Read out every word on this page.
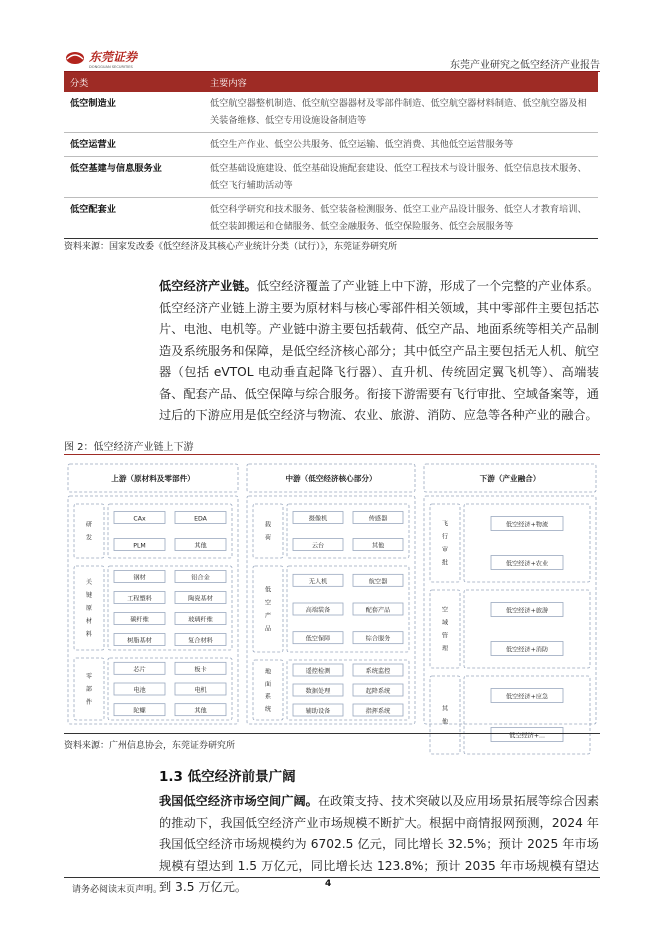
东莞证券
DONGGUAN SECURITIES	东莞产业研究之低空经济产业报告
分类	主要内容
低空制造业	低空航空器整机制造、低空航空器器材及零部件制造、低空航空器材料制造、低空航空器及相关装备维修、低空专用设施设备制造等
低空运营业	低空生产作业、低空公共服务、低空运输、低空消费、其他低空运营服务等
低空基建与信息服务业	低空基础设施建设、低空基础设施配套建设、低空工程技术与设计服务、低空信息技术服务、低空飞行辅助活动等
低空配套业	低空科学研究和技术服务、低空装备检测服务、低空工业产品设计服务、低空人才教育培训、低空装卸搬运和仓储服务、低空金融服务、低空保险服务、低空会展服务等
资料来源：国家发改委《低空经济及其核心产业统计分类（试行）》，东莞证券研究所
低空经济产业链。低空经济覆盖了产业链上中下游，形成了一个完整的产业体系。低空经济产业链上游主要为原材料与核心零部件相关领域，其中零部件主要包括芯片、电池、电机等。产业链中游主要包括载荷、低空产品、地面系统等相关产品制造及系统服务和保障，是低空经济核心部分；其中低空产品主要包括无人机、航空器（包括 eVTOL 电动垂直起降飞行器）、直升机、传统固定翼飞机等）、高端装备、配套产品、低空保障与综合服务。衔接下游需要有飞行审批、空域备案等，通过后的下游应用是低空经济与物流、农业、旅游、消防、应急等各种产业的融合。
图 2：低空经济产业链上下游
上游（原材料及零部件）
研发
CAx	EDA
PLM	其他
关键原材料
钢材	铝合金
工程塑料	陶瓷基材
碳纤维	玻璃纤维
树脂基材	复合材料
零部件
芯片	板卡
电池	电机
陀螺	其他
中游（低空经济核心部分）
载荷
摄像机	传感器
云台	其他
低空产品
无人机	航空器
高端装备	配套产品
低空保障	综合服务
地面系统
遥控检测	系统监控
数据处理	起降系统
辅助设备	指挥系统
下游（产业融合）
飞行审批
低空经济+物流
低空经济+农业
空域管理
低空经济+旅游
低空经济+消防
其他
低空经济+应急
低空经济+...
资料来源：广州信息协会，东莞证券研究所
1.3 低空经济前景广阔
我国低空经济市场空间广阔。在政策支持、技术突破以及应用场景拓展等综合因素的推动下，我国低空经济产业市场规模不断扩大。根据中商情报网预测，2024 年我国低空经济市场规模约为 6702.5 亿元，同比增长 32.5%；预计 2025 年市场规模有望达到 1.5 万亿元，同比增长达 123.8%；预计 2035 年市场规模有望达到 3.5 万亿元。
请务必阅读末页声明。
4
